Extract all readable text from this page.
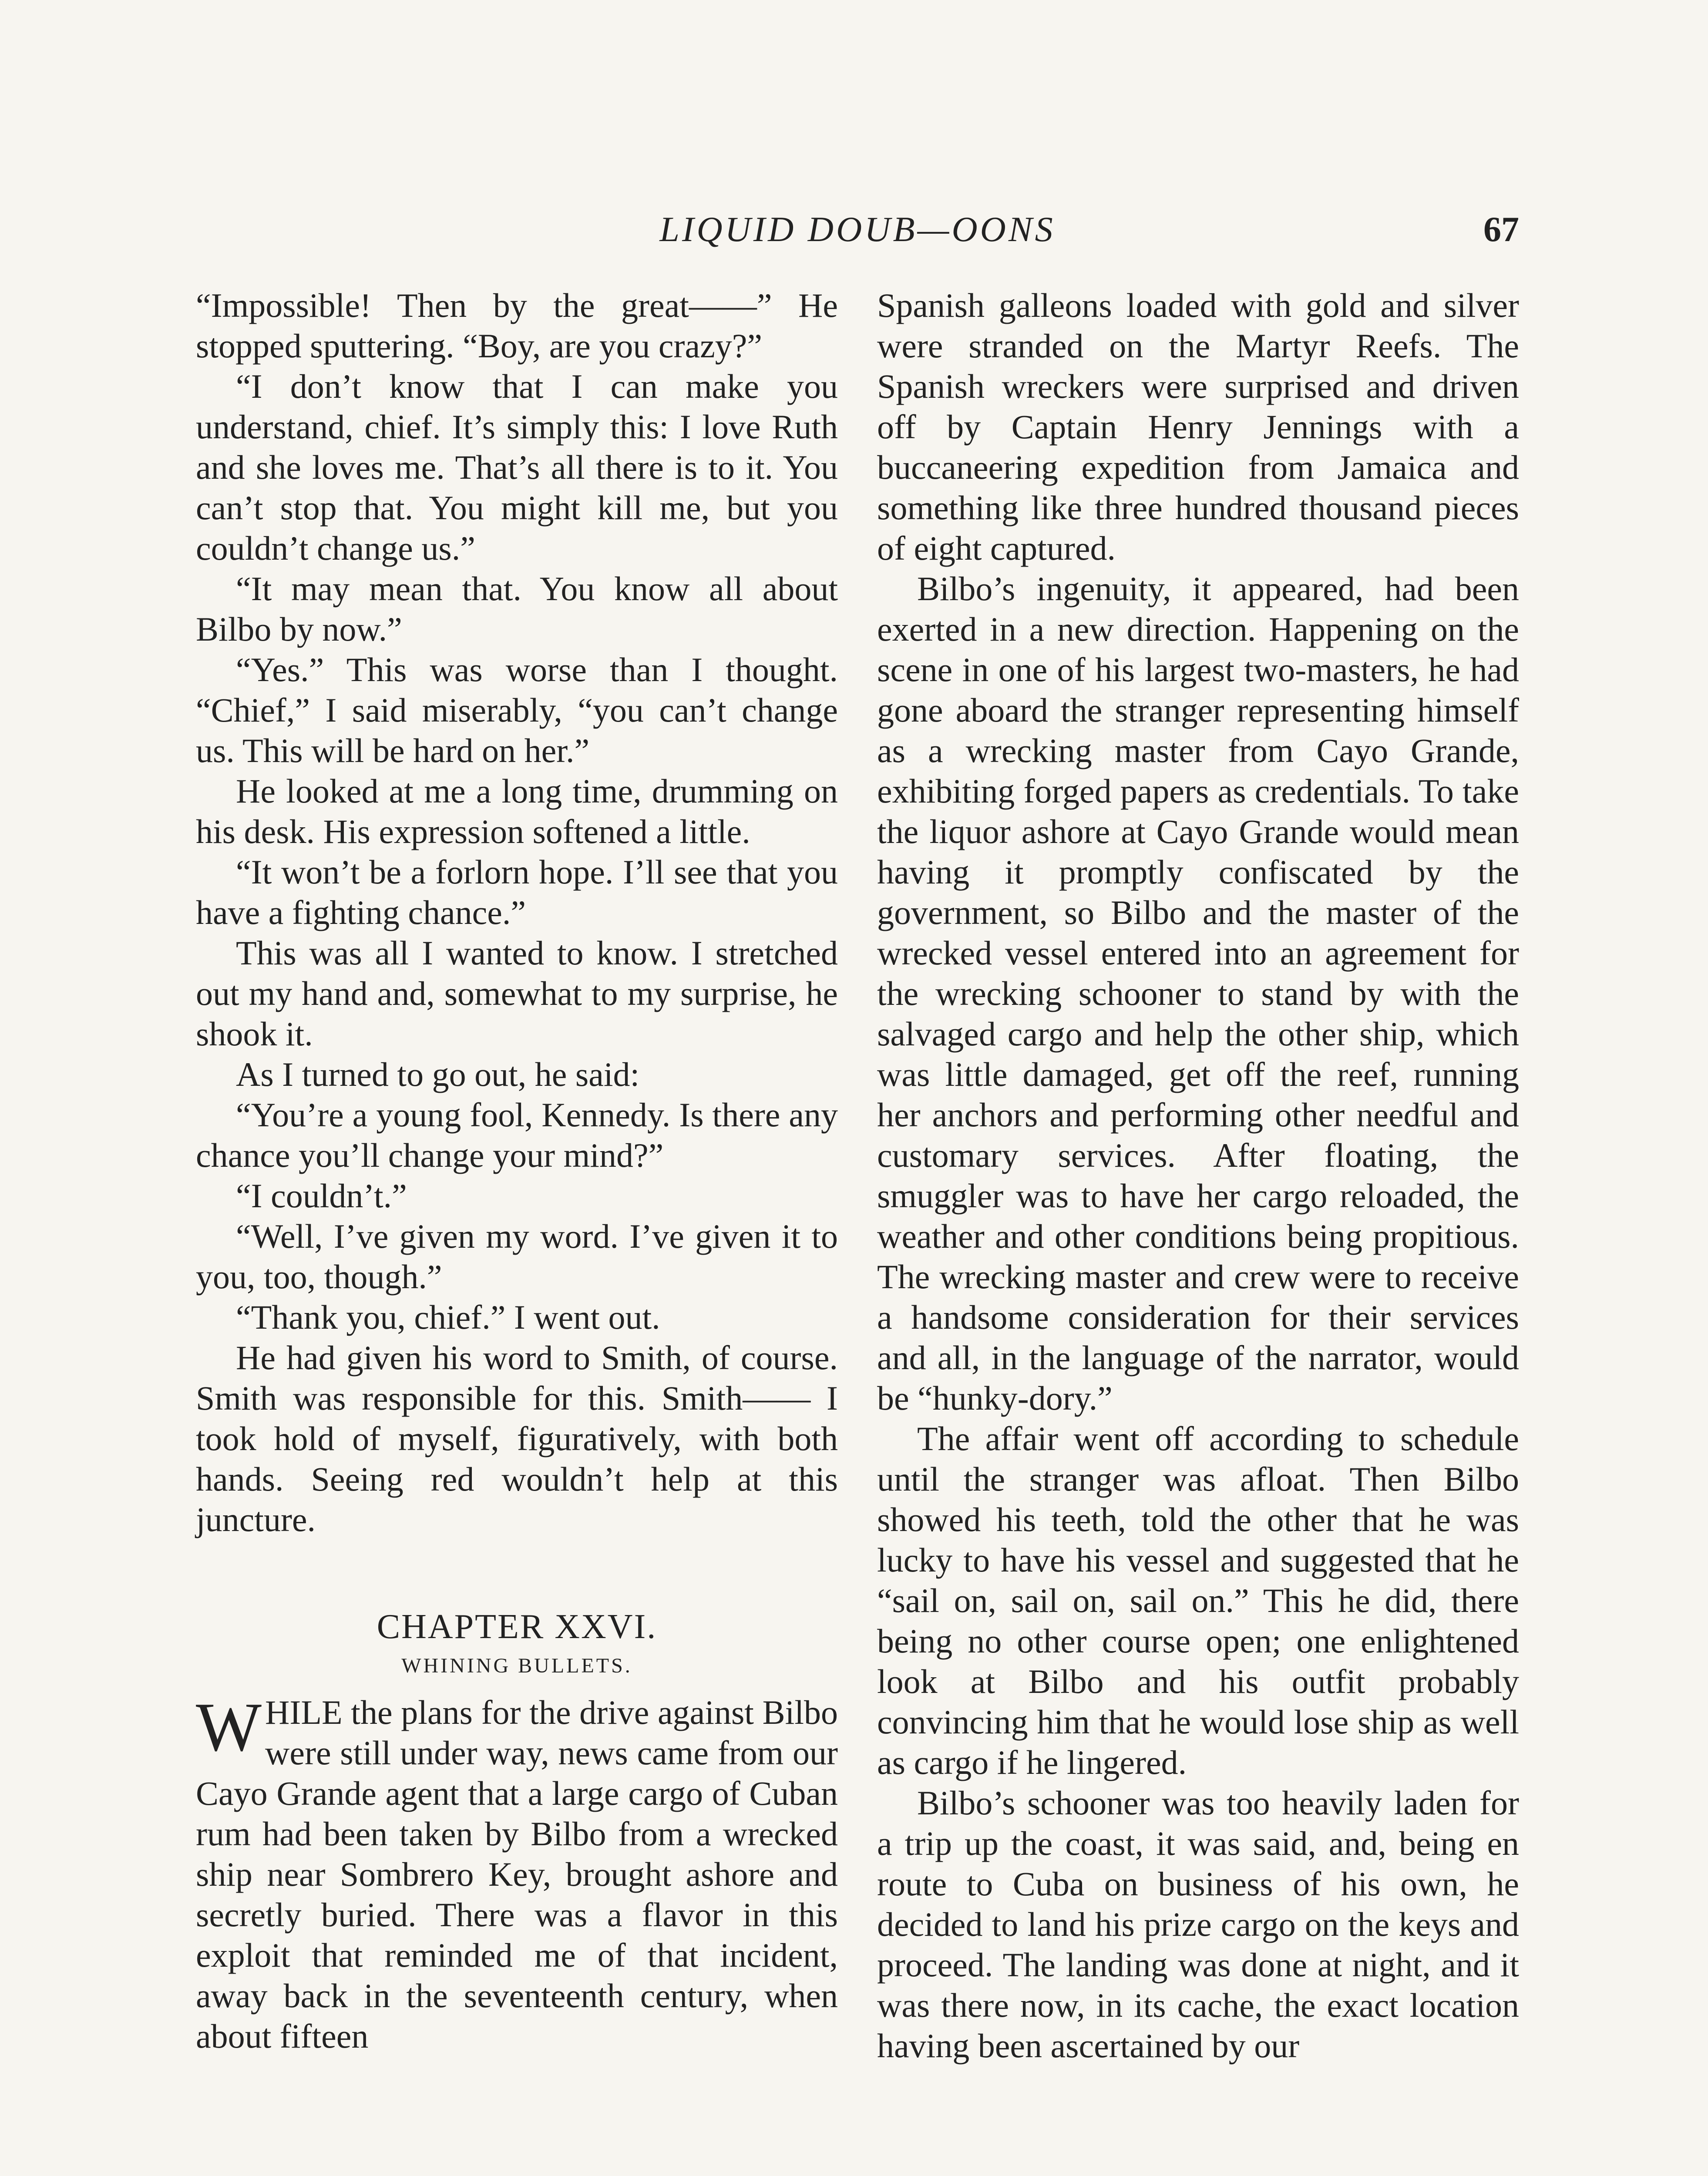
LIQUID DOUB—OONS	67

“Impossible! Then by the great——” He stopped sputtering. “Boy, are you crazy?”

“I don’t know that I can make you understand, chief. It’s simply this: I love Ruth and she loves me. That’s all there is to it. You can’t stop that. You might kill me, but you couldn’t change us.”

“It may mean that. You know all about Bilbo by now.”

“Yes.” This was worse than I thought. “Chief,” I said miserably, “you can’t change us. This will be hard on her.”

He looked at me a long time, drumming on his desk. His expression softened a little.

“It won’t be a forlorn hope. I’ll see that you have a fighting chance.”

This was all I wanted to know. I stretched out my hand and, somewhat to my surprise, he shook it.

As I turned to go out, he said:

“You’re a young fool, Kennedy. Is there any chance you’ll change your mind?”

“I couldn’t.”

“Well, I’ve given my word. I’ve given it to you, too, though.”

“Thank you, chief.” I went out.

He had given his word to Smith, of course. Smith was responsible for this. Smith—— I took hold of myself, figuratively, with both hands. Seeing red wouldn’t help at this juncture.

CHAPTER XXVI.
WHINING BULLETS.

WHILE the plans for the drive against Bilbo were still under way, news came from our Cayo Grande agent that a large cargo of Cuban rum had been taken by Bilbo from a wrecked ship near Sombrero Key, brought ashore and secretly buried. There was a flavor in this exploit that reminded me of that incident, away back in the seventeenth century, when about fifteen

Spanish galleons loaded with gold and silver were stranded on the Martyr Reefs. The Spanish wreckers were surprised and driven off by Captain Henry Jennings with a buccaneering expedition from Jamaica and something like three hundred thousand pieces of eight captured.

Bilbo’s ingenuity, it appeared, had been exerted in a new direction. Happening on the scene in one of his largest two-masters, he had gone aboard the stranger representing himself as a wrecking master from Cayo Grande, exhibiting forged papers as credentials. To take the liquor ashore at Cayo Grande would mean having it promptly confiscated by the government, so Bilbo and the master of the wrecked vessel entered into an agreement for the wrecking schooner to stand by with the salvaged cargo and help the other ship, which was little damaged, get off the reef, running her anchors and performing other needful and customary services. After floating, the smuggler was to have her cargo reloaded, the weather and other conditions being propitious. The wrecking master and crew were to receive a handsome consideration for their services and all, in the language of the narrator, would be “hunky-dory.”

The affair went off according to schedule until the stranger was afloat. Then Bilbo showed his teeth, told the other that he was lucky to have his vessel and suggested that he “sail on, sail on, sail on.” This he did, there being no other course open; one enlightened look at Bilbo and his outfit probably convincing him that he would lose ship as well as cargo if he lingered.

Bilbo’s schooner was too heavily laden for a trip up the coast, it was said, and, being en route to Cuba on business of his own, he decided to land his prize cargo on the keys and proceed. The landing was done at night, and it was there now, in its cache, the exact location having been ascertained by our
